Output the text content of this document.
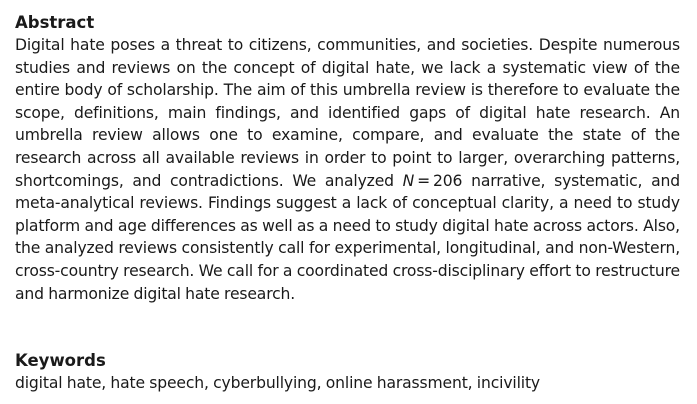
Abstract

Digital hate poses a threat to citizens, communities, and societies. Despite numerous studies and reviews on the concept of digital hate, we lack a systematic view of the entire body of scholarship. The aim of this umbrella review is therefore to evaluate the scope, definitions, main findings, and identified gaps of digital hate research. An umbrella review allows one to examine, compare, and evaluate the state of the research across all available reviews in order to point to larger, overarching patterns, shortcomings, and contradictions. We analyzed N = 206 narrative, systematic, and meta-analytical reviews. Findings suggest a lack of conceptual clarity, a need to study platform and age differences as well as a need to study digital hate across actors. Also, the analyzed reviews consistently call for experimental, longitudinal, and non-Western, cross-country research. We call for a coordinated cross-disciplinary effort to restructure and harmonize digital hate research.

Keywords

digital hate, hate speech, cyberbullying, online harassment, incivility
